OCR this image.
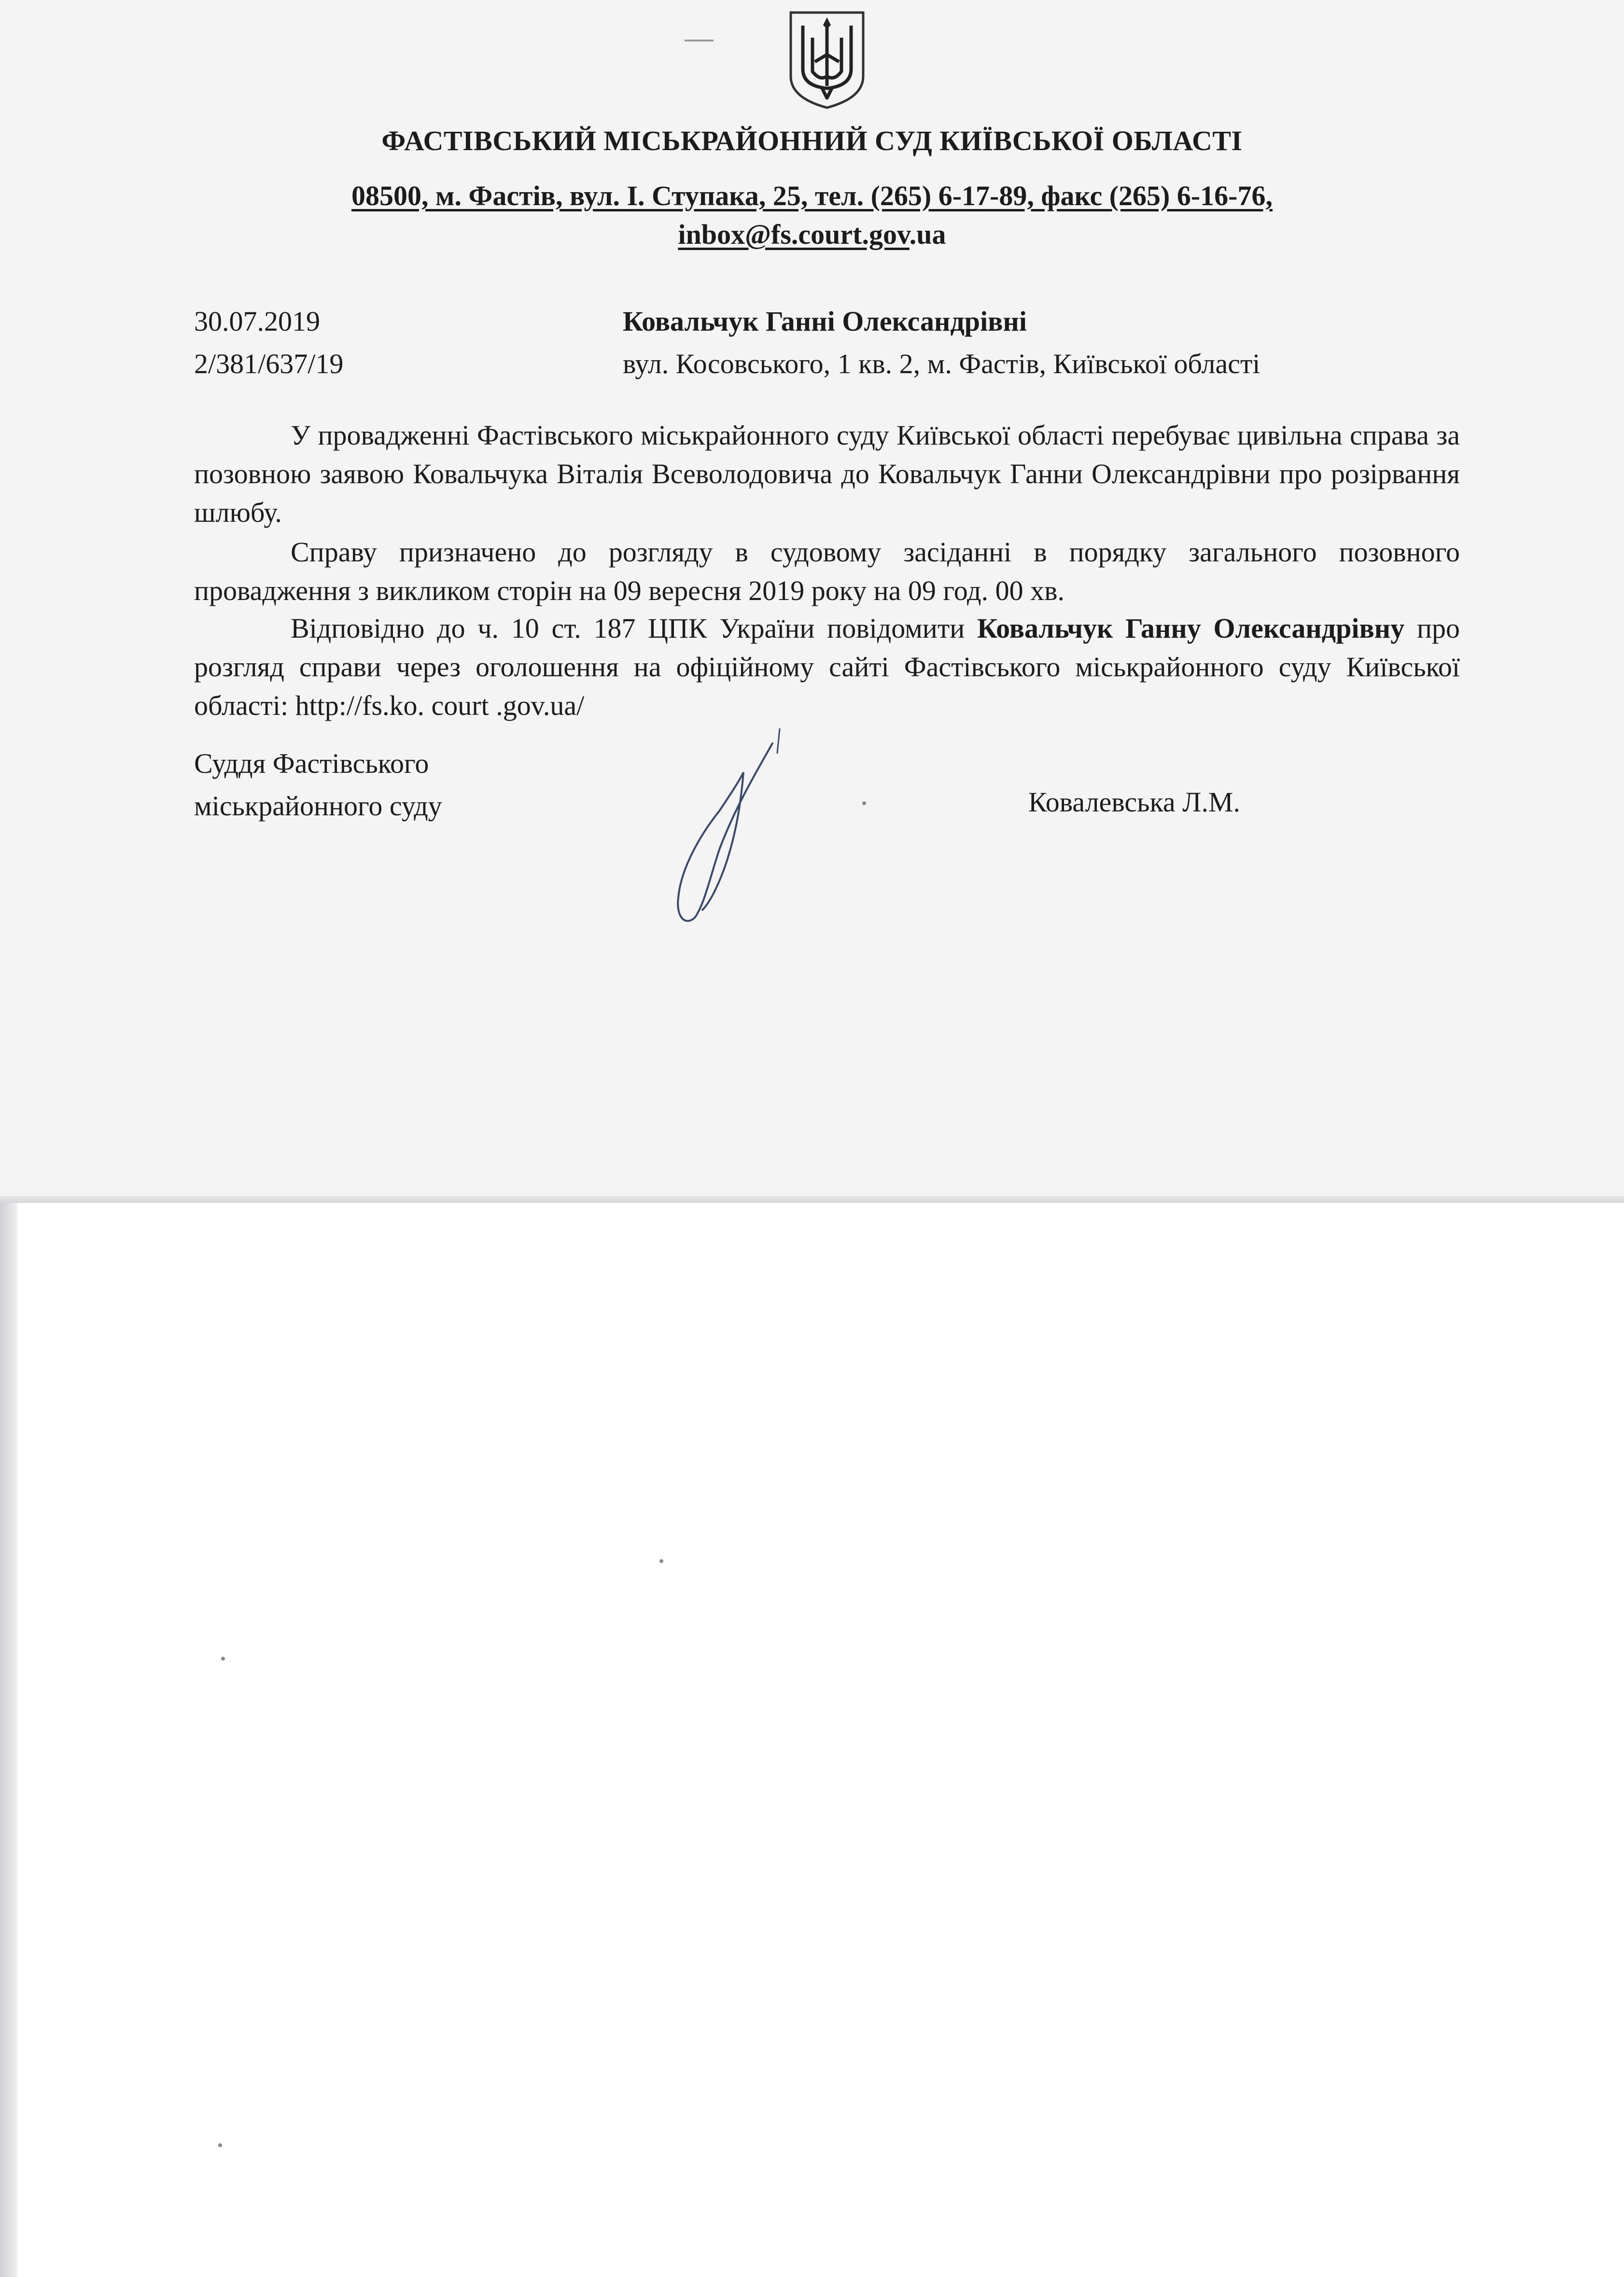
ФАСТІВСЬКИЙ МІСЬКРАЙОННИЙ СУД КИЇВСЬКОЇ ОБЛАСТІ
08500, м. Фастів, вул. І. Ступака, 25, тел. (265) 6-17-89, факс (265) 6-16-76,
inbox@fs.court.gov.ua
30.07.2019
2/381/637/19
Ковальчук Ганні Олександрівні
вул. Косовського, 1 кв. 2, м. Фастів, Київської області
У провадженні Фастівського міськрайонного суду Київської області перебуває цивільна справа за позовною заявою Ковальчука Віталія Всеволодовича до Ковальчук Ганни Олександрівни про розірвання шлюбу.
Справу призначено до розгляду в судовому засіданні в порядку загального позовного провадження з викликом сторін на 09 вересня 2019 року на 09 год. 00 хв.
Відповідно до ч. 10 ст. 187 ЦПК України повідомити Ковальчук Ганну Олександрівну про розгляд справи через оголошення на офіційному сайті Фастівського міськрайонного суду Київської області: http://fs.ko. court .gov.ua/
Суддя Фастівського
міськрайонного суду	Ковалевська Л.М.
